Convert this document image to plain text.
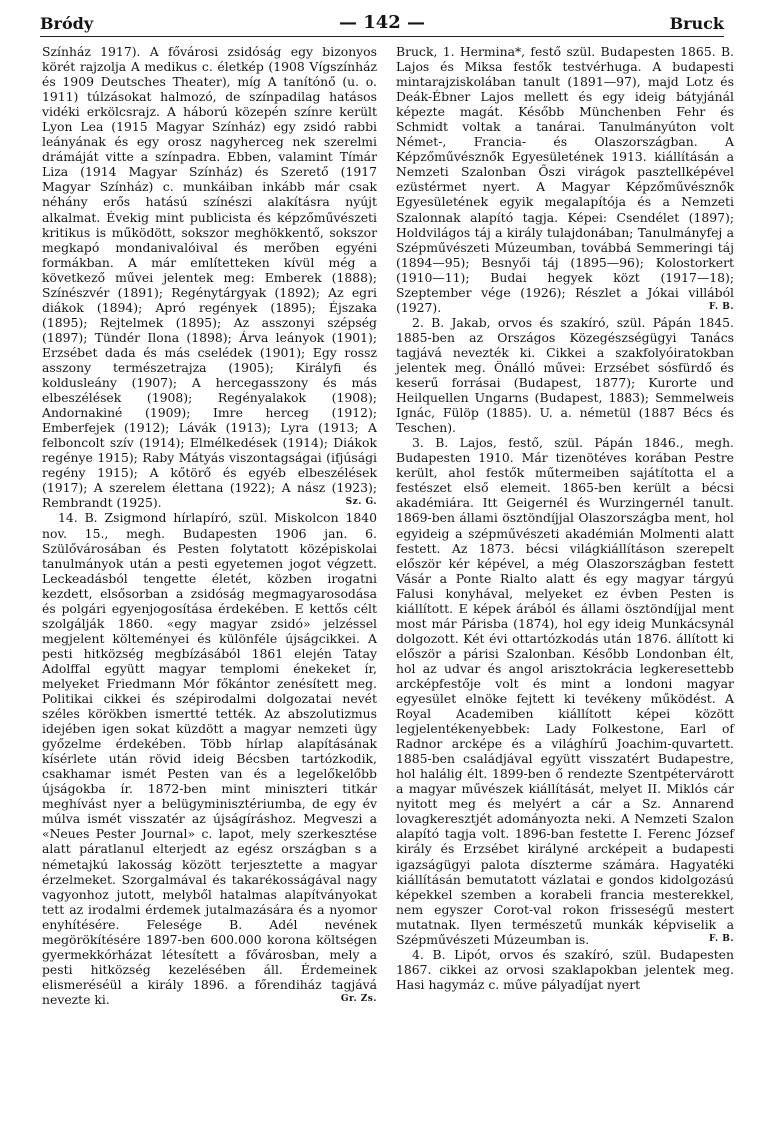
Bródy	— 142 —	Bruck

Színház 1917). A fővárosi zsidóság egy bizonyos körét rajzolja A medikus c. életkép (1908 Vígszínház és 1909 Deutsches Theater), míg A tanítónő (u. o. 1911) túlzásokat halmozó, de színpadilag hatásos vidéki erkölcsrajz. A háború közepén színre került Lyon Lea (1915 Magyar Színház) egy zsidó rabbi leányának és egy orosz nagyherceg nek szerelmi drámáját vitte a színpadra. Ebben, valamint Tímár Liza (1914 Magyar Színház) és Szerető (1917 Magyar Színház) c. munkáiban inkább már csak néhány erős hatású színészi alakításra nyújt alkalmat. Évekig mint publicista és képzőművészeti kritikus is működött, sokszor meghökkentő, sokszor megkapó mondanivalóival és merőben egyéni formákban. A már említetteken kívül még a következő művei jelentek meg: Emberek (1888); Színészvér (1891); Regénytárgyak (1892); Az egri diákok (1894); Apró regények (1895); Éjszaka (1895); Rejtelmek (1895); Az asszonyi szépség (1897); Tündér Ilona (1898); Árva leányok (1901); Erzsébet dada és más cselédek (1901); Egy rossz asszony természetrajza (1905); Királyfi és koldusleány (1907); A hercegasszony és más elbeszélések (1908); Regényalakok (1908); Andornakiné (1909); Imre herceg (1912); Emberfejek (1912); Lávák (1913); Lyra (1913; A felboncolt szív (1914); Elmélkedések (1914); Diákok regénye 1915); Raby Mátyás viszontagságai (ifjúsági regény 1915); A kőtörő és egyéb elbeszélések (1917); A szerelem élettana (1922); A nász (1923); Rembrandt (1925).	Sz. G.

14. B. Zsigmond hírlapíró, szül. Miskolcon 1840 nov. 15., megh. Budapesten 1906 jan. 6. Szülővárosában és Pesten folytatott középiskolai tanulmányok után a pesti egyetemen jogot végzett. Leckeadásból tengette életét, közben irogatni kezdett, elsősorban a zsidóság megmagyarosodása és polgári egyenjogosítása érdekében. E kettős célt szolgálják 1860. «egy magyar zsidó» jelzéssel megjelent költeményei és különféle újságcikkei. A pesti hitközség megbízásából 1861 elején Tatay Adolffal együtt magyar templomi énekeket ír, melyeket Friedmann Mór főkántor zenésített meg. Politikai cikkei és szépirodalmi dolgozatai nevét széles körökben ismertté tették. Az abszolutizmus idejében igen sokat küzdött a magyar nemzeti ügy győzelme érdekében. Több hírlap alapításának kísérlete után rövid ideig Bécsben tartózkodik, csakhamar ismét Pesten van és a legelőkelőbb újságokba ír. 1872-ben mint miniszteri titkár meghívást nyer a belügyminisztériumba, de egy év múlva ismét visszatér az újságíráshoz. Megveszi a «Neues Pester Journal» c. lapot, mely szerkesztése alatt páratlanul elterjedt az egész országban s a németajkú lakosság között terjesztette a magyar érzelmeket. Szorgalmával és takarékosságával nagy vagyonhoz jutott, melyből hatalmas alapítványokat tett az irodalmi érdemek jutalmazására és a nyomor enyhítésére. Felesége B. Adél nevének megörökítésére 1897-ben 600.000 korona költségen gyermekkórházat létesített a fővárosban, mely a pesti hitközség kezelésében áll. Érdemeinek elismeréséül a király 1896. a főrendiház tagjává nevezte ki.	Gr. Zs.

Bruck, 1. Hermina*, festő szül. Budapesten 1865. B. Lajos és Miksa festők testvérhuga. A budapesti mintarajziskolában tanult (1891—97), majd Lotz és Deák-Ébner Lajos mellett és egy ideig bátyjánál képezte magát. Később Münchenben Fehr és Schmidt voltak a tanárai. Tanulmányúton volt Német-, Francia- és Olaszországban. A Képzőművésznők Egyesületének 1913. kiállításán a Nemzeti Szalonban Őszi virágok pasztellképével ezüstérmet nyert. A Magyar Képzőművésznők Egyesületének egyik megalapítója és a Nemzeti Szalonnak alapító tagja. Képei: Csendélet (1897); Holdvilágos táj a király tulajdonában; Tanulmányfej a Szépművészeti Múzeumban, továbbá Semmeringi táj (1894—95); Besnyői táj (1895—96); Kolostorkert (1910—11); Budai hegyek közt (1917—18); Szeptember vége (1926); Részlet a Jókai villából (1927).	F. B.

2. B. Jakab, orvos és szakíró, szül. Pápán 1845. 1885-ben az Országos Közegészségügyi Tanács tagjává nevezték ki. Cikkei a szakfolyóiratokban jelentek meg. Önálló művei: Erzsébet sósfürdő és keserű forrásai (Budapest, 1877); Kurorte und Heilquellen Ungarns (Budapest, 1883); Semmelweis Ignác, Fülöp (1885). U. a. németül (1887 Bécs és Teschen).

3. B. Lajos, festő, szül. Pápán 1846., megh. Budapesten 1910. Már tizenötéves korában Pestre került, ahol festők műtermeiben sajátította el a festészet első elemeit. 1865-ben került a bécsi akadémiára. Itt Geigernél és Wurzingernél tanult. 1869-ben állami ösztöndíjjal Olaszországba ment, hol egyideig a szépművészeti akadémián Molmenti alatt festett. Az 1873. bécsi világkiállításon szerepelt először kér képével, a még Olaszországban festett Vásár a Ponte Rialto alatt és egy magyar tárgyú Falusi konyhával, melyeket ez évben Pesten is kiállított. E képek árából és állami ösztöndíjjal ment most már Párisba (1874), hol egy ideig Munkácsynál dolgozott. Két évi ottartózkodás után 1876. állított ki először a párisi Szalonban. Később Londonban élt, hol az udvar és angol arisztokrácia legkeresettebb arcképfestője volt és mint a londoni magyar egyesület elnöke fejtett ki tevékeny működést. A Royal Academiben kiállított képei között legjelentékenyebbek: Lady Folkestone, Earl of Radnor arcképe és a világhírű Joachim-quvartett. 1885-ben családjával együtt visszatért Budapestre, hol halálig élt. 1899-ben ő rendezte Szentpétervárott a magyar művészek kiállítását, melyet II. Miklós cár nyitott meg és melyért a cár a Sz. Annarend lovagkeresztjét adományozta neki. A Nemzeti Szalon alapító tagja volt. 1896-ban festette I. Ferenc József király és Erzsébet királyné arcképeit a budapesti igazságügyi palota díszterme számára. Hagyatéki kiállításán bemutatott vázlatai e gondos kidolgozású képekkel szemben a korabeli francia mesterekkel, nem egyszer Corot-val rokon frisseségű mestert mutatnak. Ilyen természetű munkák képviselik a Szépművészeti Múzeumban is.	F. B.

4. B. Lipót, orvos és szakíró, szül. Budapesten 1867. cikkei az orvosi szaklapokban jelentek meg. Hasi hagymáz c. műve pályadíjat nyert
